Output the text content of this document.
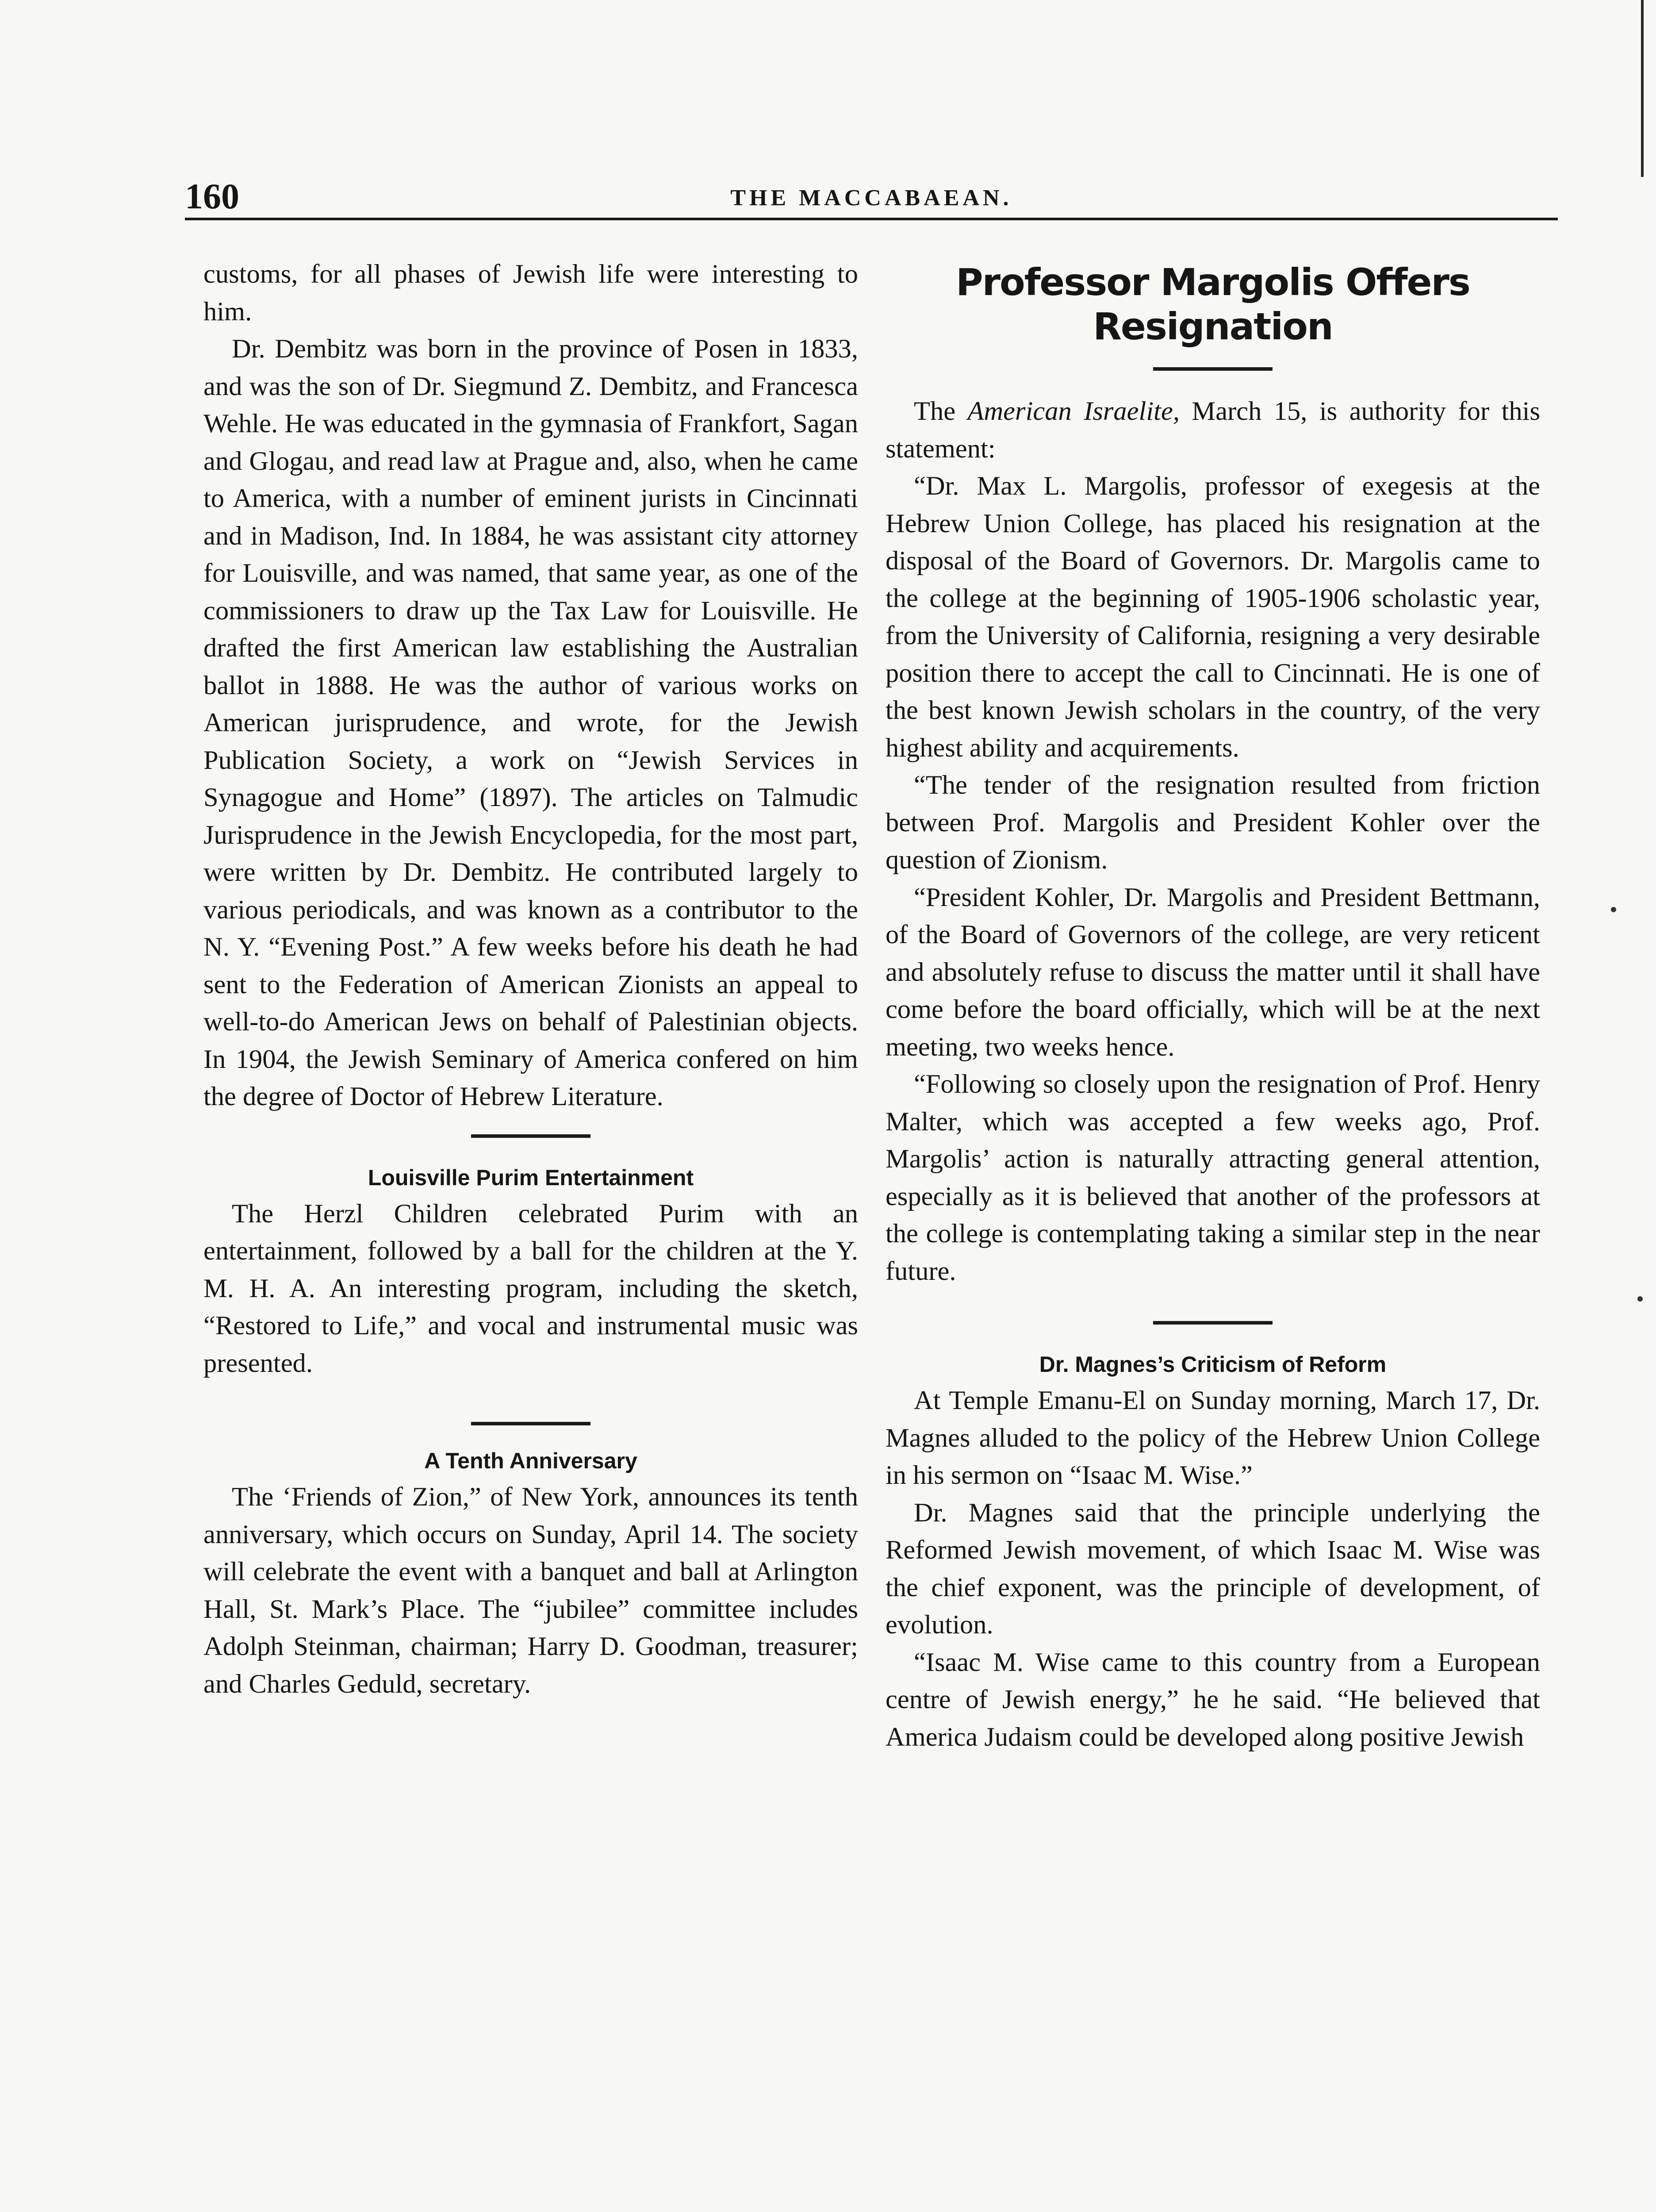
160	THE MACCABAEAN.

customs, for all phases of Jewish life were interesting to him.

Dr. Dembitz was born in the province of Posen in 1833, and was the son of Dr. Siegmund Z. Dembitz, and Francesca Wehle. He was educated in the gymnasia of Frankfort, Sagan and Glogau, and read law at Prague and, also, when he came to America, with a number of eminent jurists in Cincinnati and in Madison, Ind. In 1884, he was assistant city attorney for Louisville, and was named, that same year, as one of the commissioners to draw up the Tax Law for Louisville. He drafted the first American law establishing the Australian ballot in 1888. He was the author of various works on American jurisprudence, and wrote, for the Jewish Publication Society, a work on “Jewish Services in Synagogue and Home” (1897). The articles on Talmudic Jurisprudence in the Jewish Encyclopedia, for the most part, were written by Dr. Dembitz. He contributed largely to various periodicals, and was known as a contributor to the N. Y. “Evening Post.” A few weeks before his death he had sent to the Federation of American Zionists an appeal to well-to-do American Jews on behalf of Palestinian objects. In 1904, the Jewish Seminary of America confered on him the degree of Doctor of Hebrew Literature.

Louisville Purim Entertainment

The Herzl Children celebrated Purim with an entertainment, followed by a ball for the children at the Y. M. H. A. An interesting program, including the sketch, “Restored to Life,” and vocal and instrumental music was presented.

A Tenth Anniversary

The ‘Friends of Zion,” of New York, announces its tenth anniversary, which occurs on Sunday, April 14. The society will celebrate the event with a banquet and ball at Arlington Hall, St. Mark’s Place. The “jubilee” committee includes Adolph Steinman, chairman; Harry D. Goodman, treasurer; and Charles Geduld, secretary.

Professor Margolis Offers
Resignation

The American Israelite, March 15, is authority for this statement:

“Dr. Max L. Margolis, professor of exegesis at the Hebrew Union College, has placed his resignation at the disposal of the Board of Governors. Dr. Margolis came to the college at the beginning of 1905-1906 scholastic year, from the University of California, resigning a very desirable position there to accept the call to Cincinnati. He is one of the best known Jewish scholars in the country, of the very highest ability and acquirements.

“The tender of the resignation resulted from friction between Prof. Margolis and President Kohler over the question of Zionism.

“President Kohler, Dr. Margolis and President Bettmann, of the Board of Governors of the college, are very reticent and absolutely refuse to discuss the matter until it shall have come before the board officially, which will be at the next meeting, two weeks hence.

“Following so closely upon the resignation of Prof. Henry Malter, which was accepted a few weeks ago, Prof. Margolis’ action is naturally attracting general attention, especially as it is believed that another of the professors at the college is contemplating taking a similar step in the near future.

Dr. Magnes’s Criticism of Reform

At Temple Emanu-El on Sunday morning, March 17, Dr. Magnes alluded to the policy of the Hebrew Union College in his sermon on “Isaac M. Wise.”

Dr. Magnes said that the principle underlying the Reformed Jewish movement, of which Isaac M. Wise was the chief exponent, was the principle of development, of evolution.

“Isaac M. Wise came to this country from a European centre of Jewish energy,” he he said. “He believed that America Judaism could be developed along positive Jewish
